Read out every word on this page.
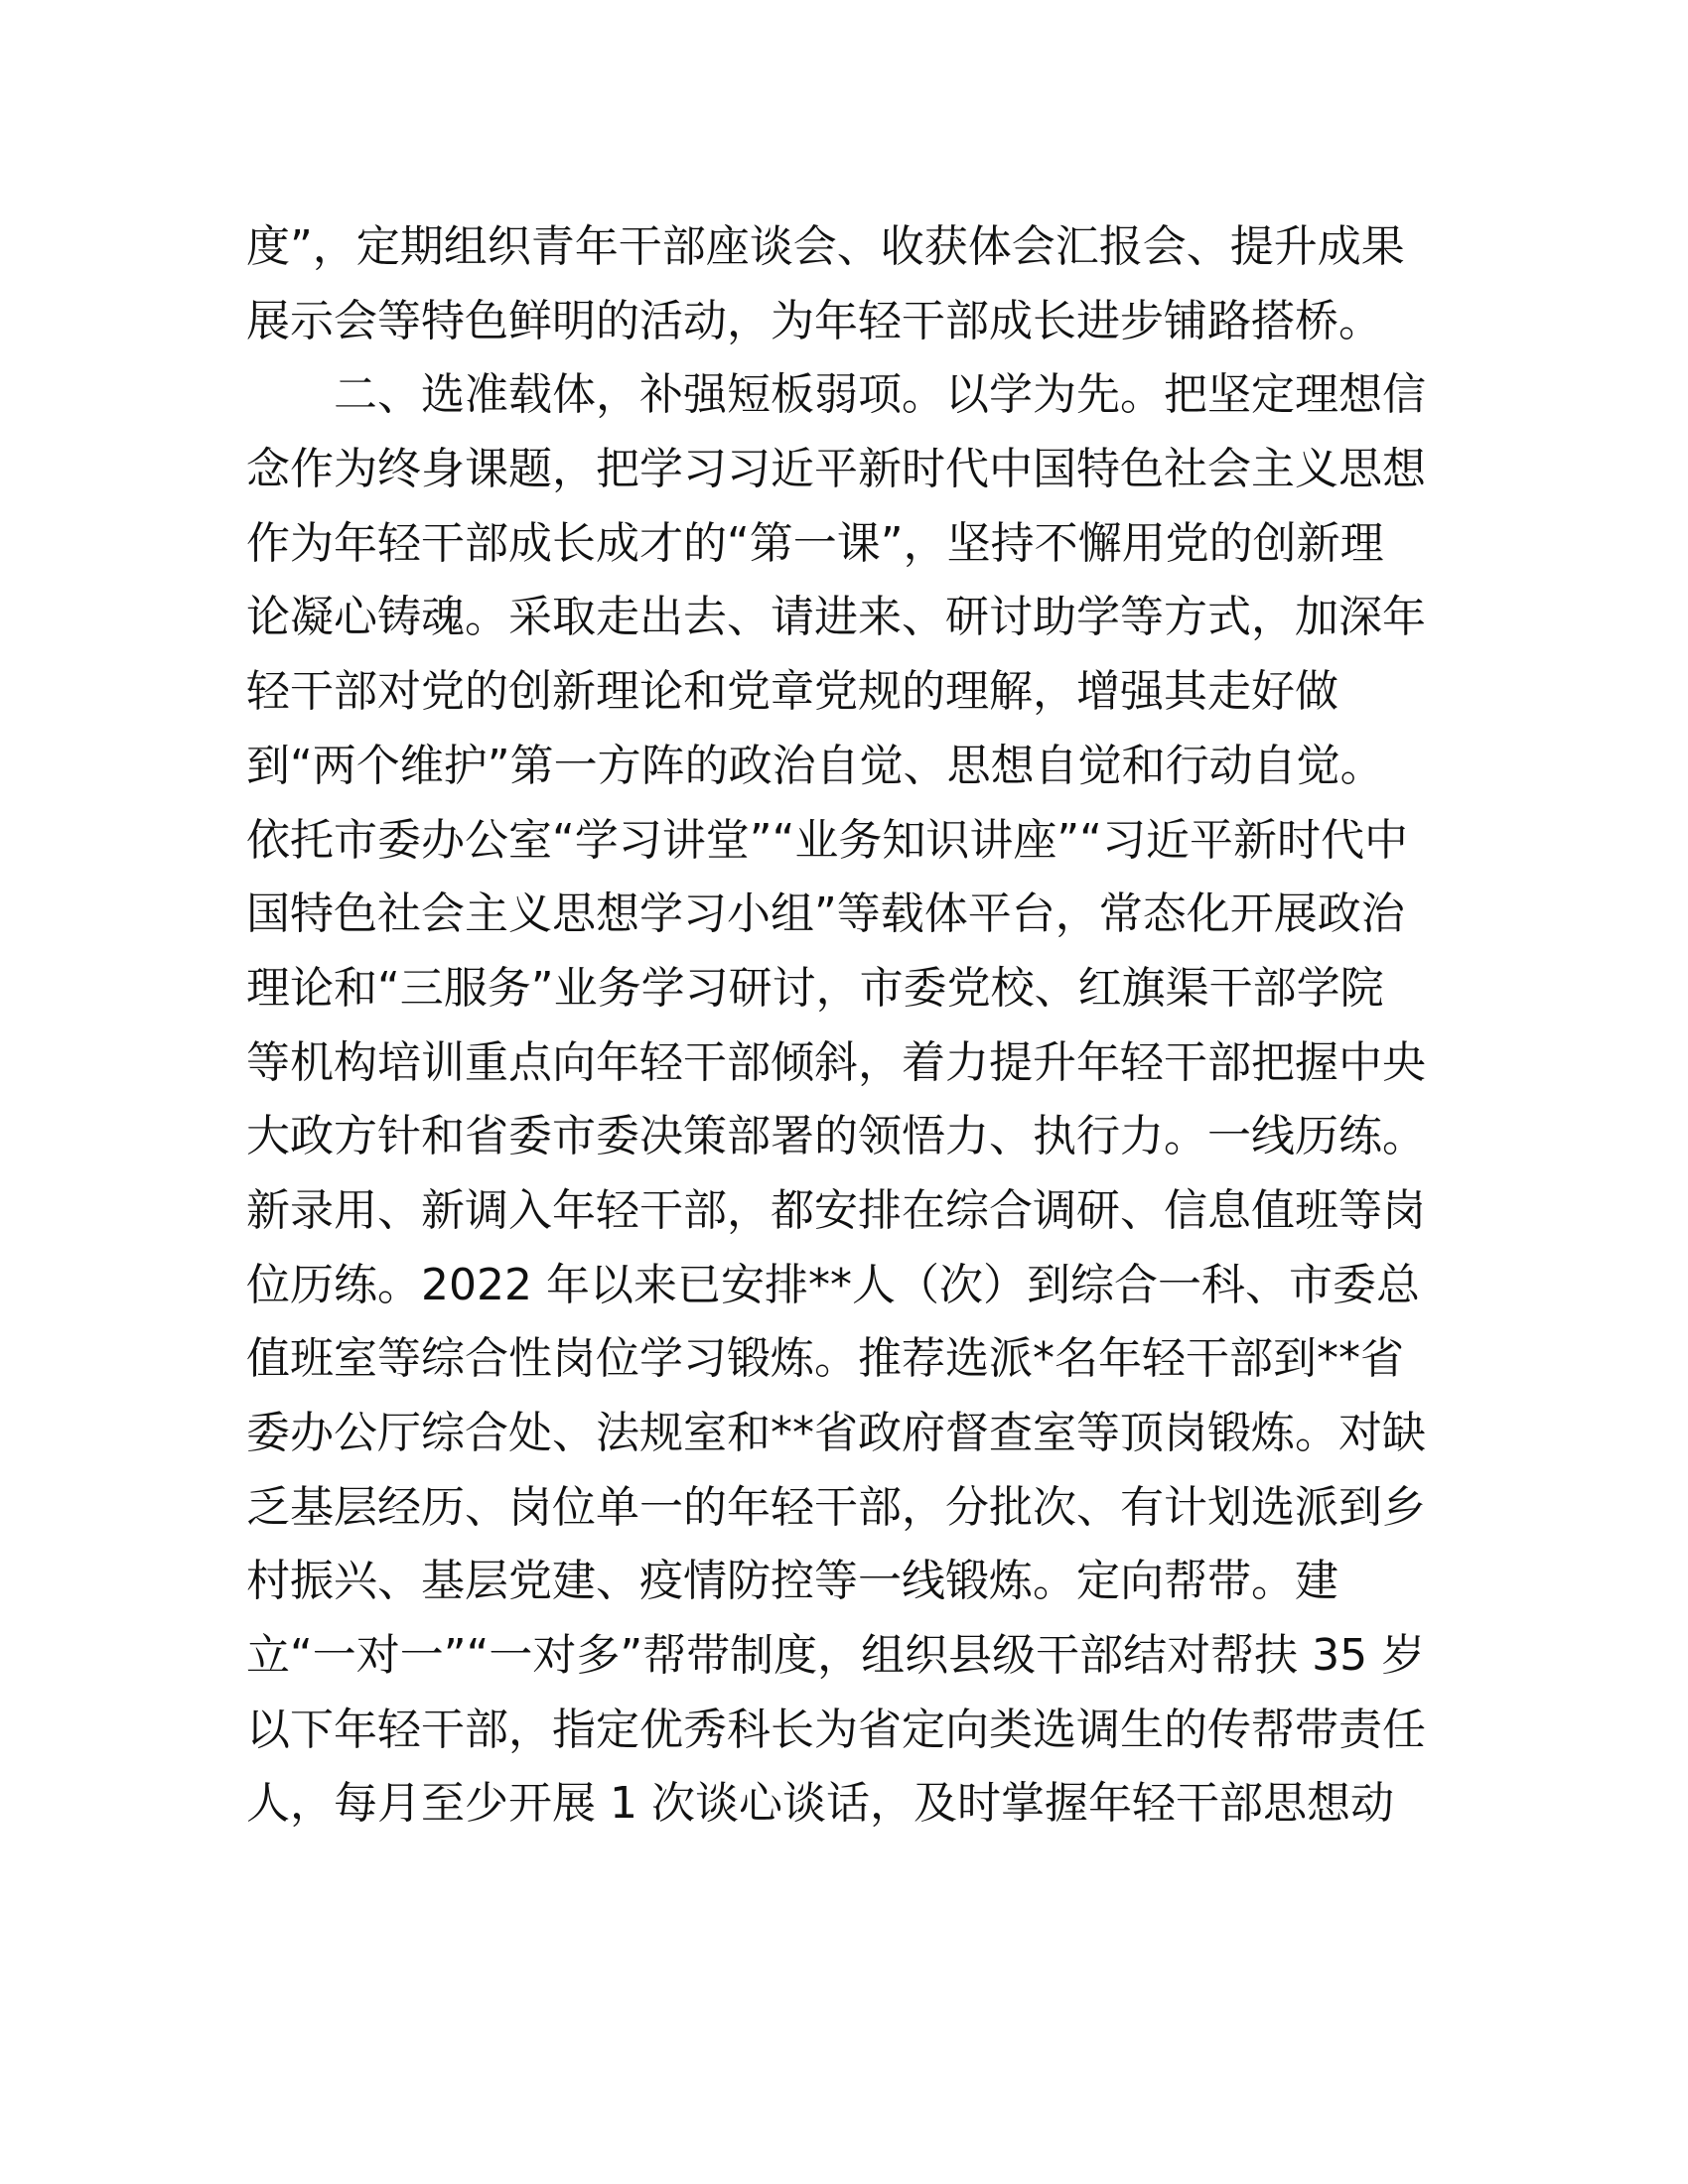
度”，定期组织青年干部座谈会、收获体会汇报会、提升成果
展示会等特色鲜明的活动，为年轻干部成长进步铺路搭桥。
二、选准载体，补强短板弱项。以学为先。把坚定理想信
念作为终身课题，把学习习近平新时代中国特色社会主义思想
作为年轻干部成长成才的“第一课”，坚持不懈用党的创新理
论凝心铸魂。采取走出去、请进来、研讨助学等方式，加深年
轻干部对党的创新理论和党章党规的理解，增强其走好做
到“两个维护”第一方阵的政治自觉、思想自觉和行动自觉。
依托市委办公室“学习讲堂”“业务知识讲座”“习近平新时代中
国特色社会主义思想学习小组”等载体平台，常态化开展政治
理论和“三服务”业务学习研讨，市委党校、红旗渠干部学院
等机构培训重点向年轻干部倾斜，着力提升年轻干部把握中央
大政方针和省委市委决策部署的领悟力、执行力。一线历练。
新录用、新调入年轻干部，都安排在综合调研、信息值班等岗
位历练。2022 年以来已安排**人（次）到综合一科、市委总
值班室等综合性岗位学习锻炼。推荐选派*名年轻干部到**省
委办公厅综合处、法规室和**省政府督查室等顶岗锻炼。对缺
乏基层经历、岗位单一的年轻干部，分批次、有计划选派到乡
村振兴、基层党建、疫情防控等一线锻炼。定向帮带。建
立“一对一”“一对多”帮带制度，组织县级干部结对帮扶 35 岁
以下年轻干部，指定优秀科长为省定向类选调生的传帮带责任
人，每月至少开展 1 次谈心谈话，及时掌握年轻干部思想动
